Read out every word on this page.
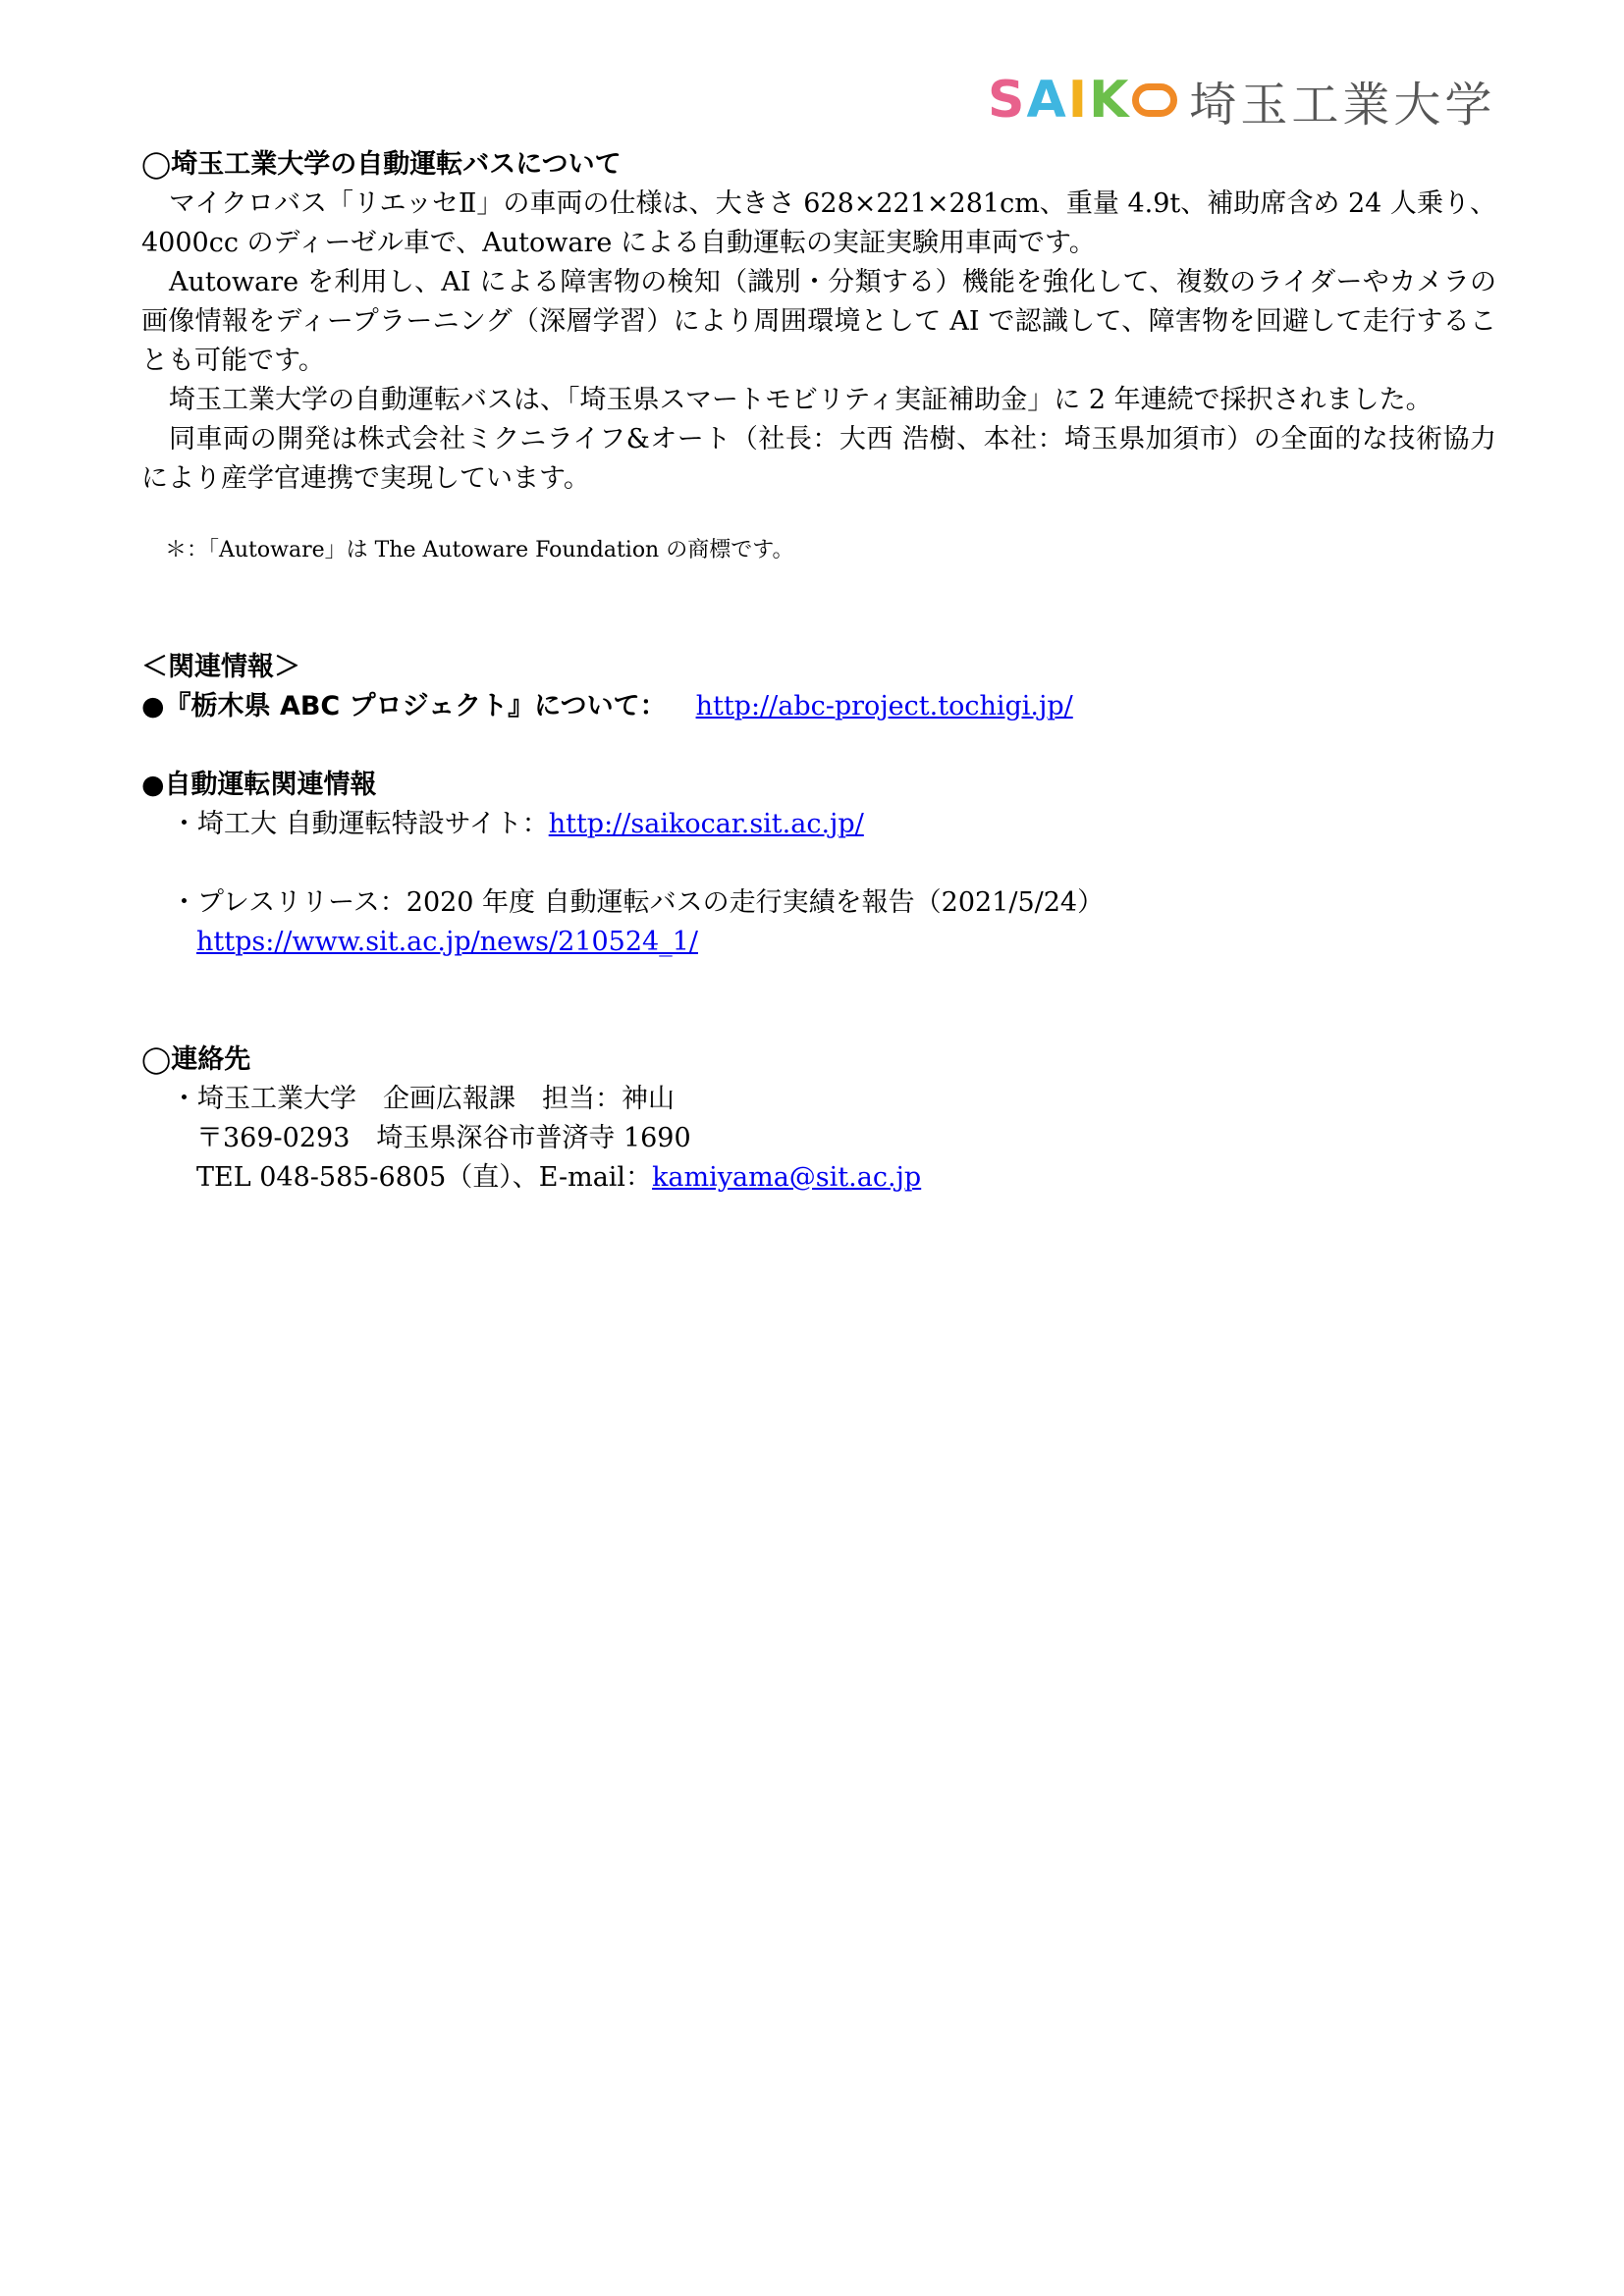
S A I K 埼玉工業大学

◯埼玉工業大学の自動運転バスについて

マイクロバス「リエッセⅡ」の車両の仕様は、大きさ 628×221×281cm、重量 4.9t、補助席含め 24 人乗り、4000cc のディーゼル車で、Autoware による自動運転の実証実験用車両です。

Autoware を利用し、AI による障害物の検知（識別・分類する）機能を強化して、複数のライダーやカメラの画像情報をディープラーニング（深層学習）により周囲環境として AI で認識して、障害物を回避して走行することも可能です。

埼玉工業大学の自動運転バスは、「埼玉県スマートモビリティ実証補助金」に 2 年連続で採択されました。

同車両の開発は株式会社ミクニライフ&オート（社長：大西 浩樹、本社：埼玉県加須市）の全面的な技術協力により産学官連携で実現しています。

＊：「Autoware」は The Autoware Foundation の商標です。

＜関連情報＞

●『栃木県 ABC プロジェクト』について： http://abc-project.tochigi.jp/

●自動運転関連情報

・埼工大 自動運転特設サイト：http://saikocar.sit.ac.jp/

・プレスリリース：2020 年度 自動運転バスの走行実績を報告（2021/5/24）

https://www.sit.ac.jp/news/210524_1/

◯連絡先

・埼玉工業大学　企画広報課　担当：神山

〒369-0293　埼玉県深谷市普済寺 1690

TEL 048-585-6805（直）、E-mail：kamiyama@sit.ac.jp
